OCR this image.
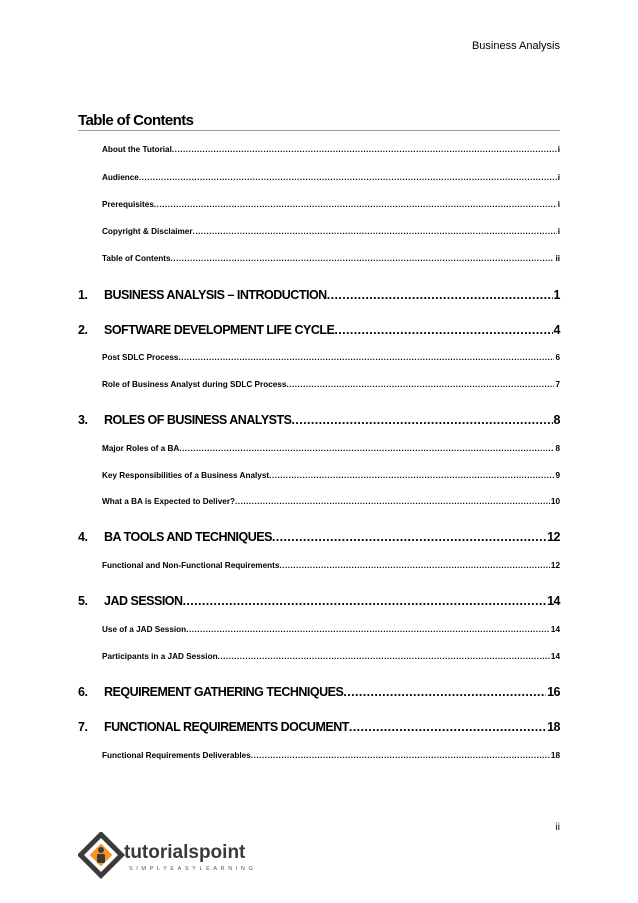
Business Analysis
Table of Contents
About the Tutorial .....	i
Audience .....	i
Prerequisites .....	i
Copyright & Disclaimer .....	i
Table of Contents .....	ii
1.	BUSINESS ANALYSIS – INTRODUCTION .....	1
2.	SOFTWARE DEVELOPMENT LIFE CYCLE .....	4
Post SDLC Process .....	6
Role of Business Analyst during SDLC Process .....	7
3.	ROLES OF BUSINESS ANALYSTS .....	8
Major Roles of a BA .....	8
Key Responsibilities of a Business Analyst .....	9
What a BA is Expected to Deliver? .....	10
4.	BA TOOLS AND TECHNIQUES .....	12
Functional and Non-Functional Requirements .....	12
5.	JAD SESSION .....	14
Use of a JAD Session .....	14
Participants in a JAD Session .....	14
6.	REQUIREMENT GATHERING TECHNIQUES .....	16
7.	FUNCTIONAL REQUIREMENTS DOCUMENT .....	18
Functional Requirements Deliverables .....	18
ii
tutorialspoint
SIMPLYEASYLEARNING
